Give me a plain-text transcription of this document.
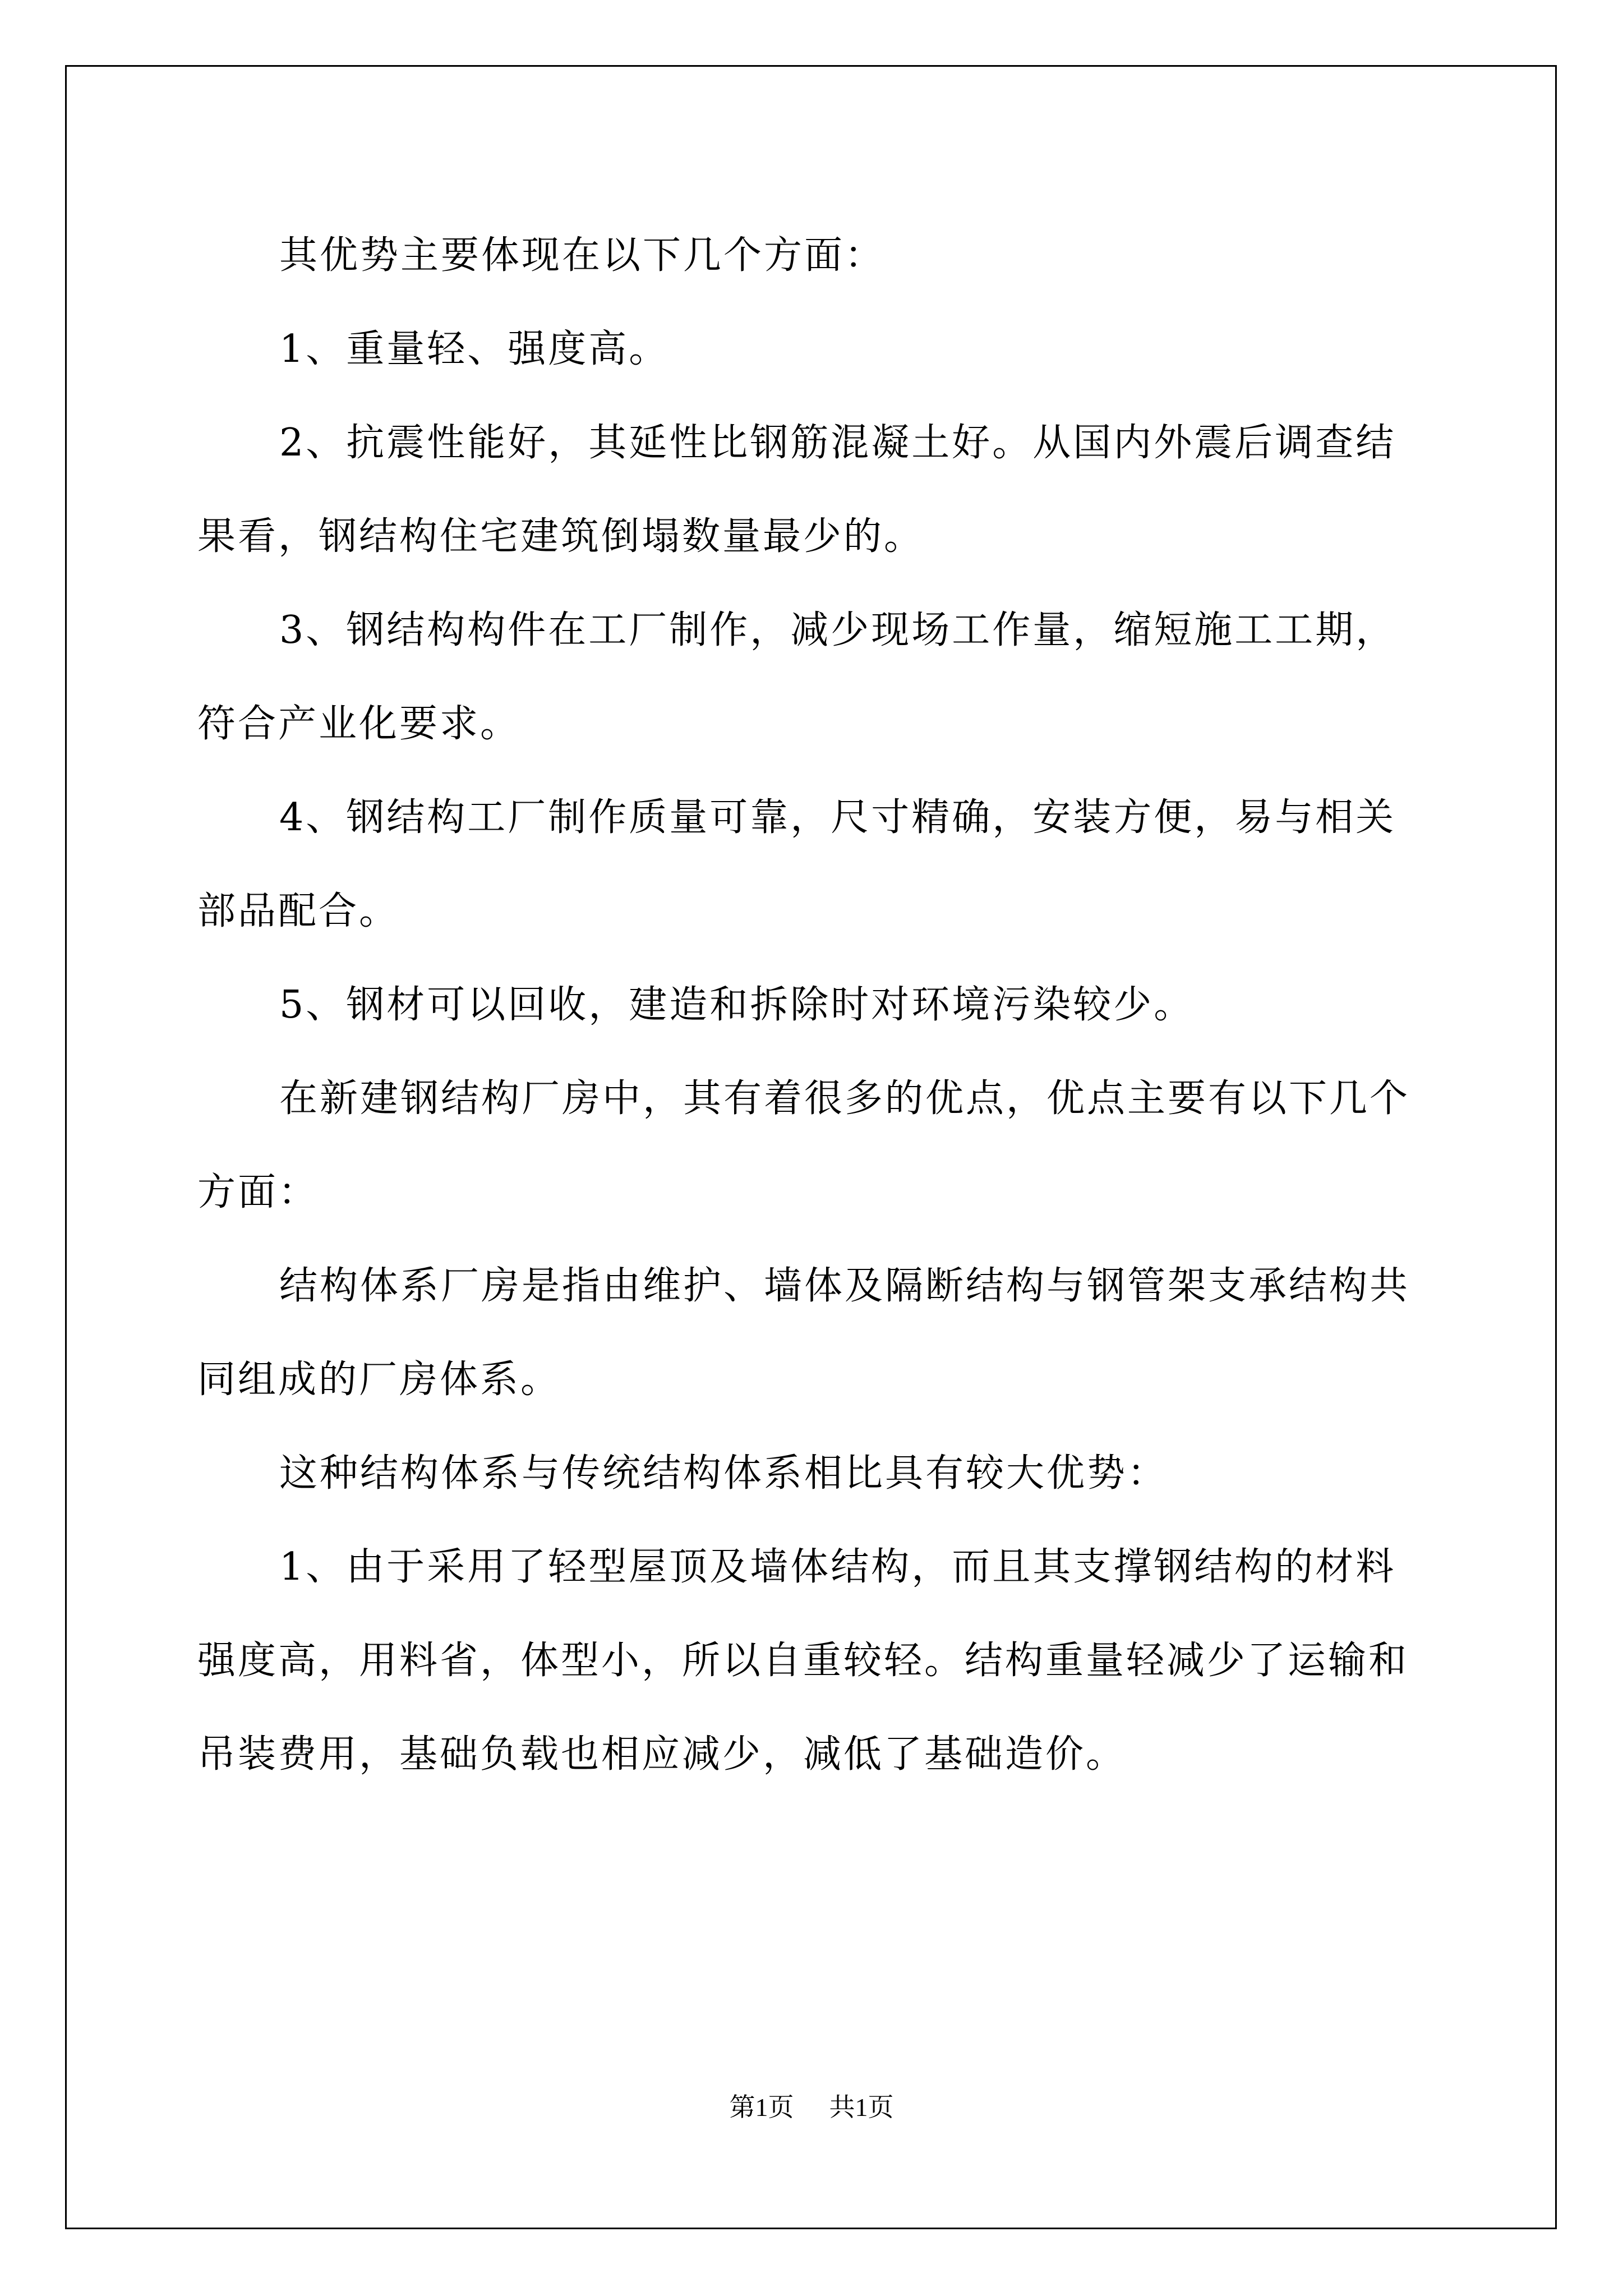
其优势主要体现在以下几个方面：

1、重量轻、强度高。

2、抗震性能好，其延性比钢筋混凝土好。从国内外震后调查结果看，钢结构住宅建筑倒塌数量最少的。

3、钢结构构件在工厂制作，减少现场工作量，缩短施工工期，符合产业化要求。

4、钢结构工厂制作质量可靠，尺寸精确，安装方便，易与相关部品配合。

5、钢材可以回收，建造和拆除时对环境污染较少。

在新建钢结构厂房中，其有着很多的优点，优点主要有以下几个方面：

结构体系厂房是指由维护、墙体及隔断结构与钢管架支承结构共同组成的厂房体系。

这种结构体系与传统结构体系相比具有较大优势：

1、由于采用了轻型屋顶及墙体结构，而且其支撑钢结构的材料强度高，用料省，体型小，所以自重较轻。结构重量轻减少了运输和吊装费用，基础负载也相应减少，减低了基础造价。

第1页 共1页
